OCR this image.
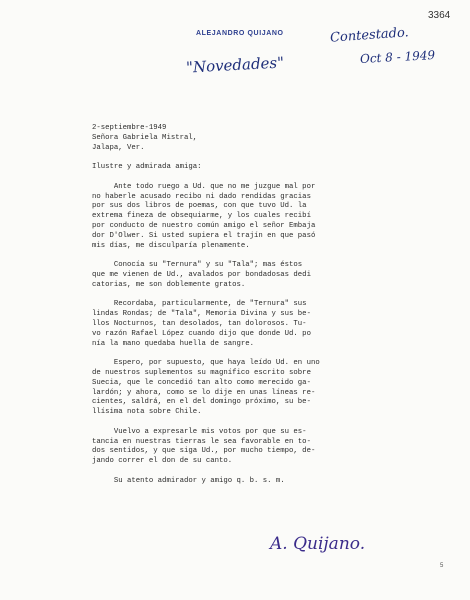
3364
ALEJANDRO QUIJANO	Contestado.
Oct 8 - 1949
"Novedades"
2-septiembre-1949
Señora Gabriela Mistral,
Jalapa, Ver.
Ilustre y admirada amiga:
Ante todo ruego a Ud. que no me juzgue mal por
no haberle acusado recibo ni dado rendidas gracias
por sus dos libros de poemas, con que tuvo Ud. la
extrema fineza de obsequiarme, y los cuales recibí
por conducto de nuestro común amigo el señor Embaja
dor D'Olwer. Si usted supiera el trajín en que pasó
mis días, me disculparía plenamente.
Conocía su "Ternura" y su "Tala"; mas éstos
que me vienen de Ud., avalados por bondadosas dedi
catorias, me son doblemente gratos.
Recordaba, particularmente, de "Ternura" sus
lindas Rondas; de "Tala", Memoria Divina y sus be-
llos Nocturnos, tan desolados, tan dolorosos. Tu-
vo razón Rafael López cuando dijo que donde Ud. po
nía la mano quedaba huella de sangre.
Espero, por supuesto, que haya leído Ud. en uno
de nuestros suplementos su magnífico escrito sobre
Suecia, que le concedió tan alto como merecido ga-
lardón; y ahora, como se lo dije en unas líneas re-
cientes, saldrá, en el del domingo próximo, su be-
llísima nota sobre Chile.
Vuelvo a expresarle mis votos por que su es-
tancia en nuestras tierras le sea favorable en to-
dos sentidos, y que siga Ud., por mucho tiempo, de-
jando correr el don de su canto.
Su atento admirador y amigo q. b. s. m.
A. Quijano.
5
